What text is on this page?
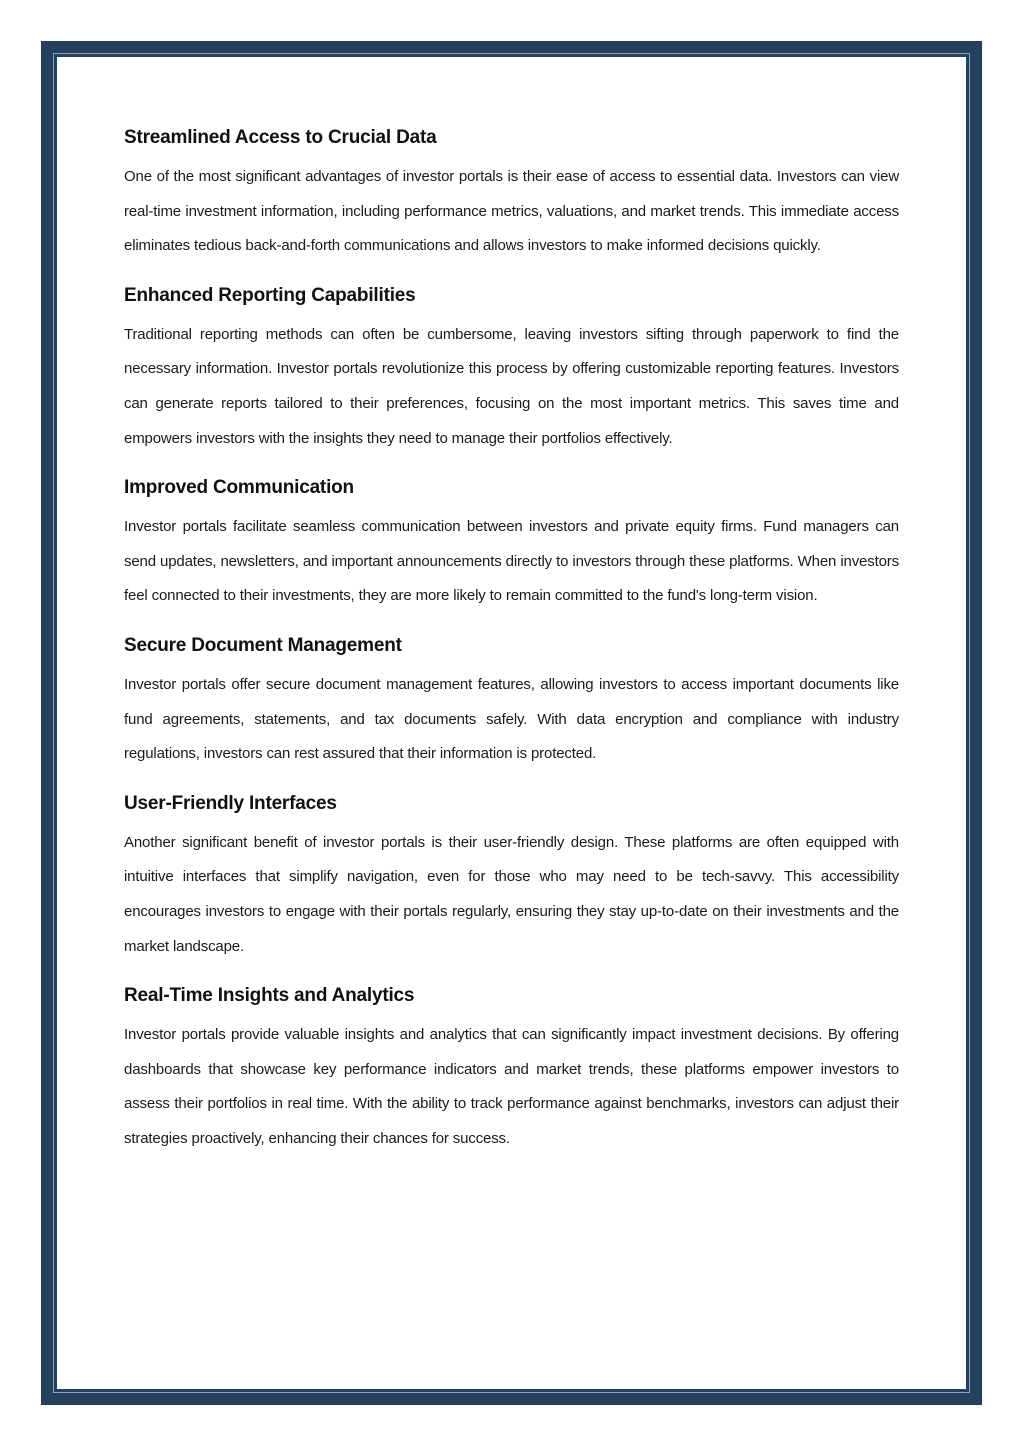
Streamlined Access to Crucial Data

One of the most significant advantages of investor portals is their ease of access to essential data. Investors can view real-time investment information, including performance metrics, valuations, and market trends. This immediate access eliminates tedious back-and-forth communications and allows investors to make informed decisions quickly.

Enhanced Reporting Capabilities

Traditional reporting methods can often be cumbersome, leaving investors sifting through paperwork to find the necessary information. Investor portals revolutionize this process by offering customizable reporting features. Investors can generate reports tailored to their preferences, focusing on the most important metrics. This saves time and empowers investors with the insights they need to manage their portfolios effectively.

Improved Communication

Investor portals facilitate seamless communication between investors and private equity firms. Fund managers can send updates, newsletters, and important announcements directly to investors through these platforms. When investors feel connected to their investments, they are more likely to remain committed to the fund's long-term vision.

Secure Document Management

Investor portals offer secure document management features, allowing investors to access important documents like fund agreements, statements, and tax documents safely. With data encryption and compliance with industry regulations, investors can rest assured that their information is protected.

User-Friendly Interfaces

Another significant benefit of investor portals is their user-friendly design. These platforms are often equipped with intuitive interfaces that simplify navigation, even for those who may need to be tech-savvy. This accessibility encourages investors to engage with their portals regularly, ensuring they stay up-to-date on their investments and the market landscape.

Real-Time Insights and Analytics

Investor portals provide valuable insights and analytics that can significantly impact investment decisions. By offering dashboards that showcase key performance indicators and market trends, these platforms empower investors to assess their portfolios in real time. With the ability to track performance against benchmarks, investors can adjust their strategies proactively, enhancing their chances for success.
